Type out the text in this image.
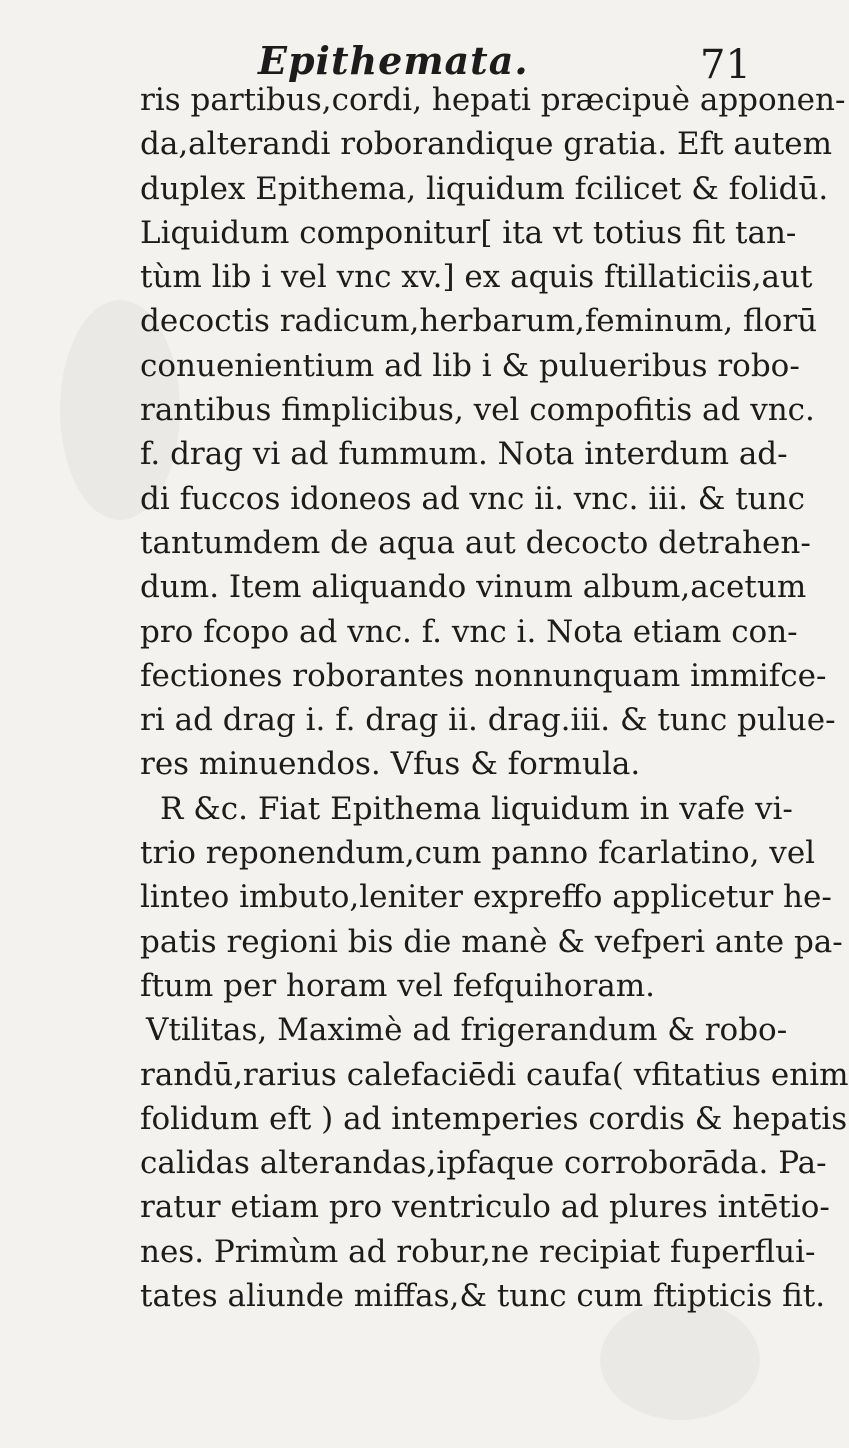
Epithemata.	71
ris partibus,cordi, hepati præcipuè apponen-
da,alterandi roborandique gratia. Eft autem
duplex Epithema, liquidum fcilicet & folidū.
Liquidum componitur[ ita vt totius fit tan-
tùm lib i vel vnc xv.] ex aquis ftillaticiis,aut
decoctis radicum,herbarum,feminum, florū
conuenientium ad lib i & pulueribus robo-
rantibus fimplicibus, vel compofitis ad vnc.
f. drag vi ad fummum. Nota interdum ad-
di fuccos idoneos ad vnc ii. vnc. iii. & tunc
tantumdem de aqua aut decocto detrahen-
dum. Item aliquando vinum album,acetum
pro fcopo ad vnc. f. vnc i. Nota etiam con-
fectiones roborantes nonnunquam immifce-
ri ad drag i. f. drag ii. drag.iii. & tunc pulue-
res minuendos. Vfus & formula.
R &c. Fiat Epithema liquidum in vafe vi-
trio reponendum,cum panno fcarlatino, vel
linteo imbuto,leniter expreffo applicetur he-
patis regioni bis die manè & vefperi ante pa-
ftum per horam vel fefquihoram.
Vtilitas, Maximè ad frigerandum & robo-
randū,rarius calefaciēdi caufa( vfitatius enim
folidum eft ) ad intemperies cordis & hepatis
calidas alterandas,ipfaque corroborāda. Pa-
ratur etiam pro ventriculo ad plures intētio-
nes. Primùm ad robur,ne recipiat fuperflui-
tates aliunde miffas,& tunc cum ftipticis fit.
